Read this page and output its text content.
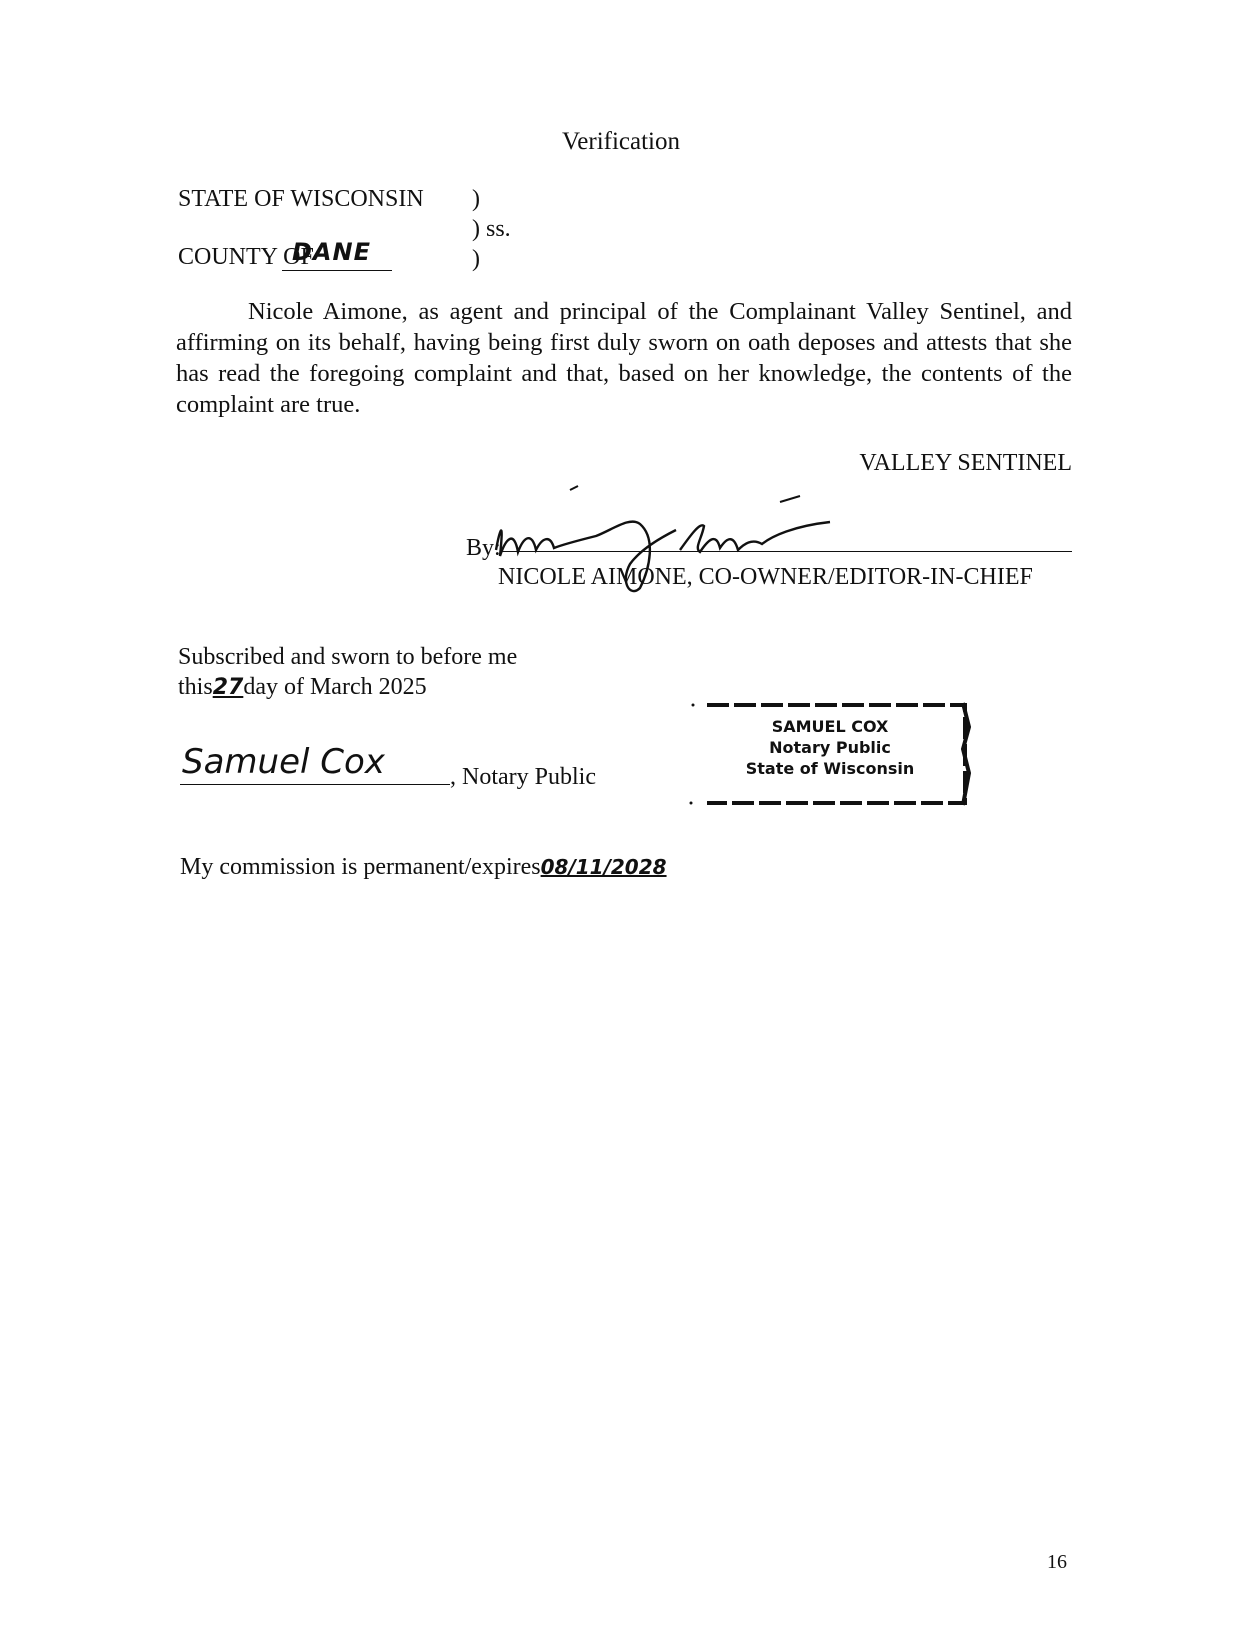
Verification
STATE OF WISCONSIN )
) ss.
)
COUNTY OF
DANE
Nicole Aimone, as agent and principal of the Complainant Valley Sentinel, and affirming on its behalf, having being first duly sworn on oath deposes and attests that she has read the foregoing complaint and that, based on her knowledge, the contents of the complaint are true.
VALLEY SENTINEL
By:
NICOLE AIMONE, CO-OWNER/EDITOR-IN-CHIEF
Subscribed and sworn to before me
this27day of March 2025
Samuel Cox	, Notary Public
SAMUEL COX
Notary Public
State of Wisconsin
My commission is permanent/expires08/11/2028
16
